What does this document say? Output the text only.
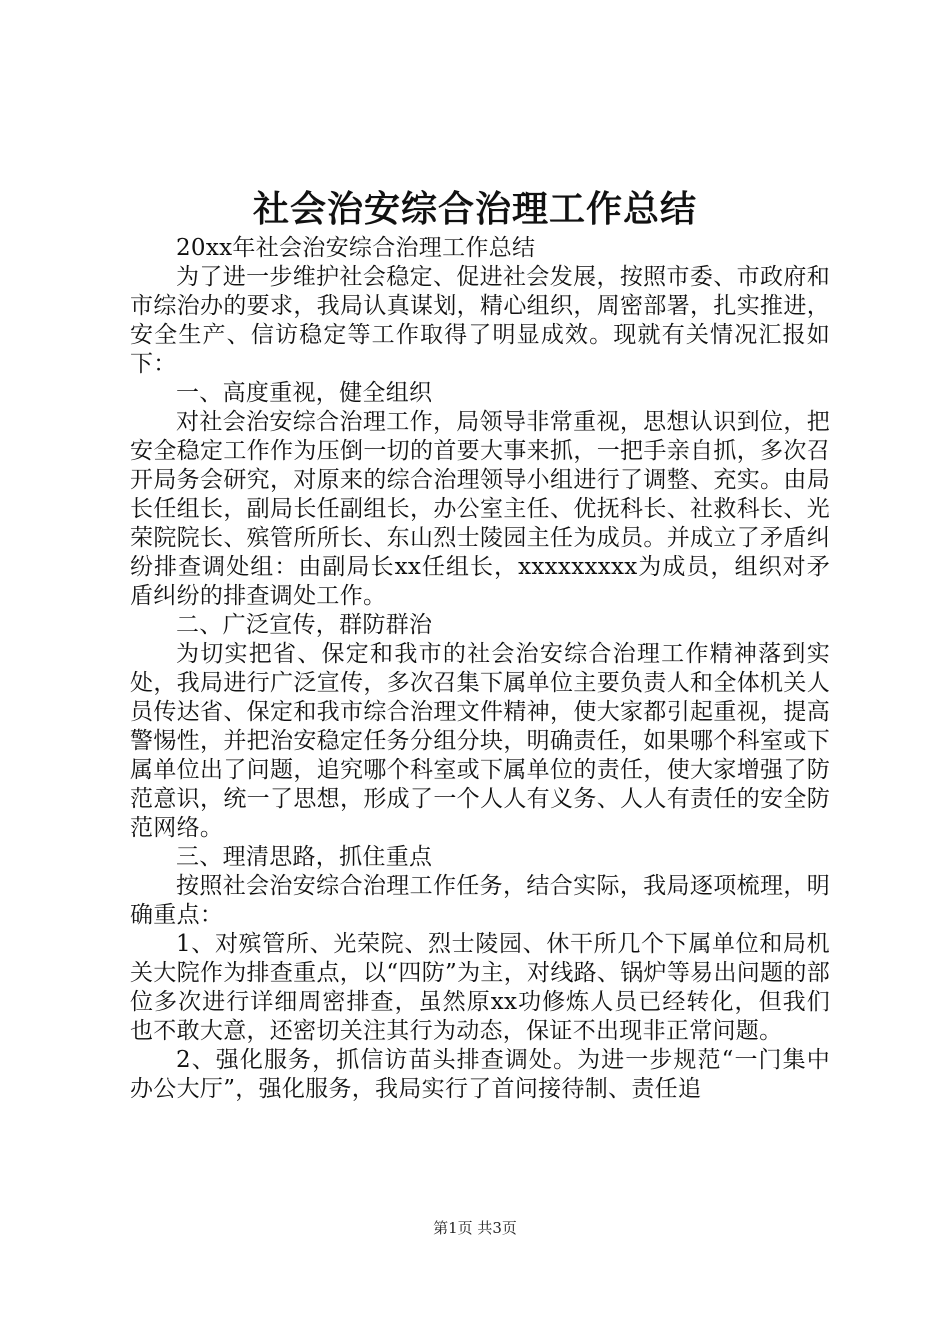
社会治安综合治理工作总结

20xx年社会治安综合治理工作总结

为了进一步维护社会稳定、促进社会发展，按照市委、市政府和市综治办的要求，我局认真谋划，精心组织，周密部署，扎实推进，安全生产、信访稳定等工作取得了明显成效。现就有关情况汇报如下：

一、高度重视，健全组织

对社会治安综合治理工作，局领导非常重视，思想认识到位，把安全稳定工作作为压倒一切的首要大事来抓，一把手亲自抓，多次召开局务会研究，对原来的综合治理领导小组进行了调整、充实。由局长任组长，副局长任副组长，办公室主任、优抚科长、社救科长、光荣院院长、殡管所所长、东山烈士陵园主任为成员。并成立了矛盾纠纷排查调处组：由副局长xx任组长，xxxxxxxxx为成员，组织对矛盾纠纷的排查调处工作。

二、广泛宣传，群防群治

为切实把省、保定和我市的社会治安综合治理工作精神落到实处，我局进行广泛宣传，多次召集下属单位主要负责人和全体机关人员传达省、保定和我市综合治理文件精神，使大家都引起重视，提高警惕性，并把治安稳定任务分组分块，明确责任，如果哪个科室或下属单位出了问题，追究哪个科室或下属单位的责任，使大家增强了防范意识，统一了思想，形成了一个人人有义务、人人有责任的安全防范网络。

三、理清思路，抓住重点

按照社会治安综合治理工作任务，结合实际，我局逐项梳理，明确重点：

1、对殡管所、光荣院、烈士陵园、休干所几个下属单位和局机关大院作为排查重点，以“四防”为主，对线路、锅炉等易出问题的部位多次进行详细周密排查，虽然原xx功修炼人员已经转化，但我们也不敢大意，还密切关注其行为动态，保证不出现非正常问题。

2、强化服务，抓信访苗头排查调处。为进一步规范“一门集中办公大厅”，强化服务，我局实行了首问接待制、责任追

第1页 共3页
